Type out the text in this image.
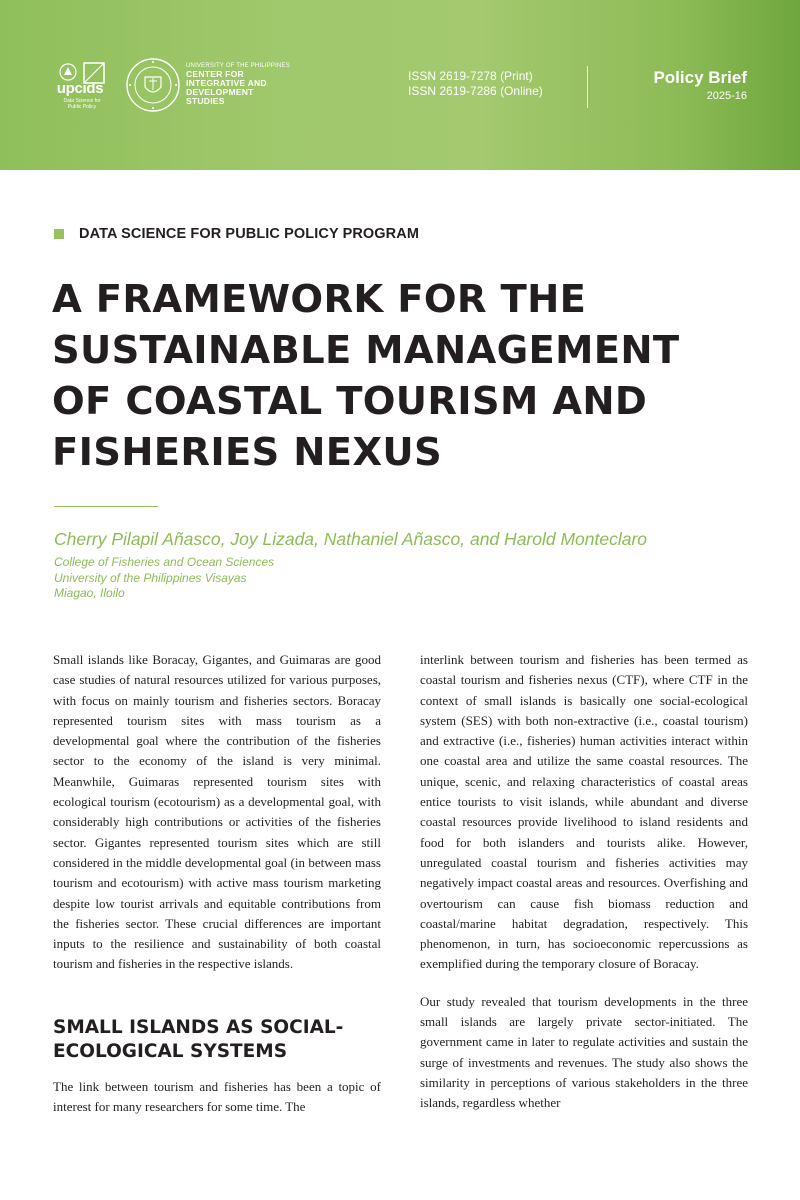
upcids
Data Science for Public Policy
UNIVERSITY OF THE PHILIPPINES
CENTER FOR
INTEGRATIVE AND
DEVELOPMENT
STUDIES
ISSN 2619-7278 (Print)
ISSN 2619-7286 (Online)
Policy Brief
2025-16
DATA SCIENCE FOR PUBLIC POLICY PROGRAM
A FRAMEWORK FOR THE
SUSTAINABLE MANAGEMENT
OF COASTAL TOURISM AND
FISHERIES NEXUS
Cherry Pilapil Añasco, Joy Lizada, Nathaniel Añasco, and Harold Monteclaro
College of Fisheries and Ocean Sciences
University of the Philippines Visayas
Miagao, Iloilo

Small islands like Boracay, Gigantes, and Guimaras are good case studies of natural resources utilized for various purposes, with focus on mainly tourism and fisheries sectors. Boracay represented tourism sites with mass tourism as a developmental goal where the contribution of the fisheries sector to the economy of the island is very minimal. Meanwhile, Guimaras represented tourism sites with ecological tourism (ecotourism) as a developmental goal, with considerably high contributions or activities of the fisheries sector. Gigantes represented tourism sites which are still considered in the middle developmental goal (in between mass tourism and ecotourism) with active mass tourism marketing despite low tourist arrivals and equitable contributions from the fisheries sector. These crucial differences are important inputs to the resilience and sustainability of both coastal tourism and fisheries in the respective islands.

SMALL ISLANDS AS SOCIAL-
ECOLOGICAL SYSTEMS

The link between tourism and fisheries has been a topic of interest for many researchers for some time. The

interlink between tourism and fisheries has been termed as coastal tourism and fisheries nexus (CTF), where CTF in the context of small islands is basically one social-ecological system (SES) with both non-extractive (i.e., coastal tourism) and extractive (i.e., fisheries) human activities interact within one coastal area and utilize the same coastal resources. The unique, scenic, and relaxing characteristics of coastal areas entice tourists to visit islands, while abundant and diverse coastal resources provide livelihood to island residents and food for both islanders and tourists alike. However, unregulated coastal tourism and fisheries activities may negatively impact coastal areas and resources. Overfishing and overtourism can cause fish biomass reduction and coastal/marine habitat degradation, respectively. This phenomenon, in turn, has socioeconomic repercussions as exemplified during the temporary closure of Boracay.

Our study revealed that tourism developments in the three small islands are largely private sector-initiated. The government came in later to regulate activities and sustain the surge of investments and revenues. The study also shows the similarity in perceptions of various stakeholders in the three islands, regardless whether
